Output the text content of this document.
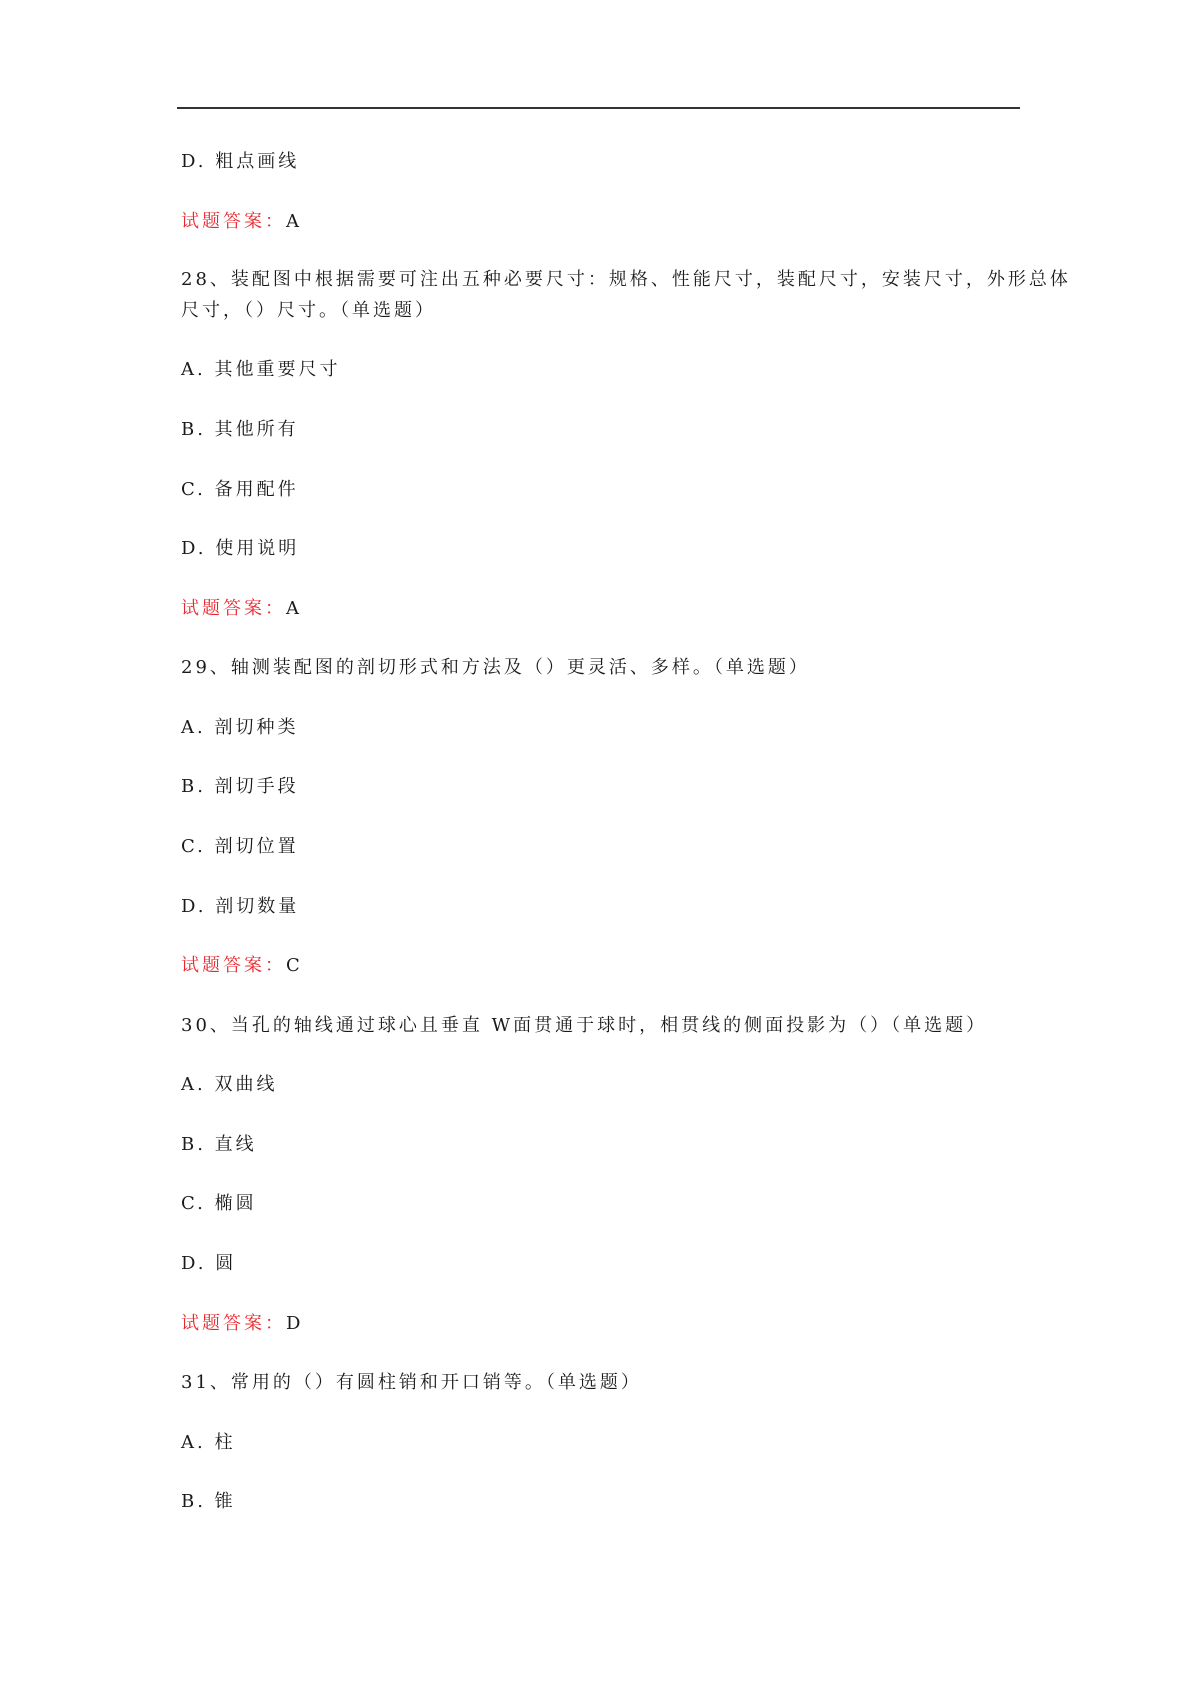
D. 粗点画线
试题答案：A
28、装配图中根据需要可注出五种必要尺寸：规格、性能尺寸，装配尺寸，安装尺寸，外形总体
尺寸，（）尺寸。（单选题）
A. 其他重要尺寸
B. 其他所有
C. 备用配件
D. 使用说明
试题答案：A
29、轴测装配图的剖切形式和方法及（）更灵活、多样。（单选题）
A. 剖切种类
B. 剖切手段
C. 剖切位置
D. 剖切数量
试题答案：C
30、当孔的轴线通过球心且垂直 W面贯通于球时，相贯线的侧面投影为（）（单选题）
A. 双曲线
B. 直线
C. 椭圆
D. 圆
试题答案：D
31、常用的（）有圆柱销和开口销等。（单选题）
A. 柱
B. 锥
